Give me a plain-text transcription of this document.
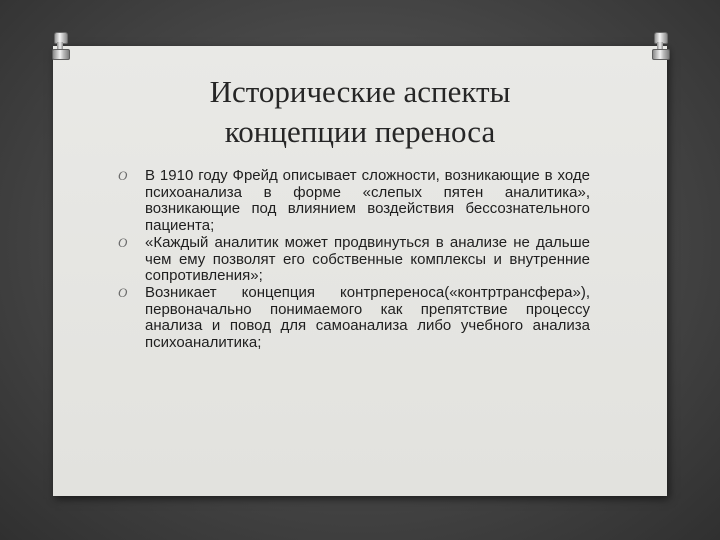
Исторические аспекты
концепции переноса
O В 1910 году Фрейд описывает сложности, возникающие в ходе психоанализа в форме «слепых пятен аналитика», возникающие под влиянием воздействия бессознательного пациента;
O «Каждый аналитик может продвинуться в анализе не дальше чем ему позволят его собственные комплексы и внутренние сопротивления»;
O Возникает концепция контрпереноса(«контртрансфера»), первоначально понимаемого как препятствие процессу анализа и повод для самоанализа либо учебного анализа психоаналитика;
